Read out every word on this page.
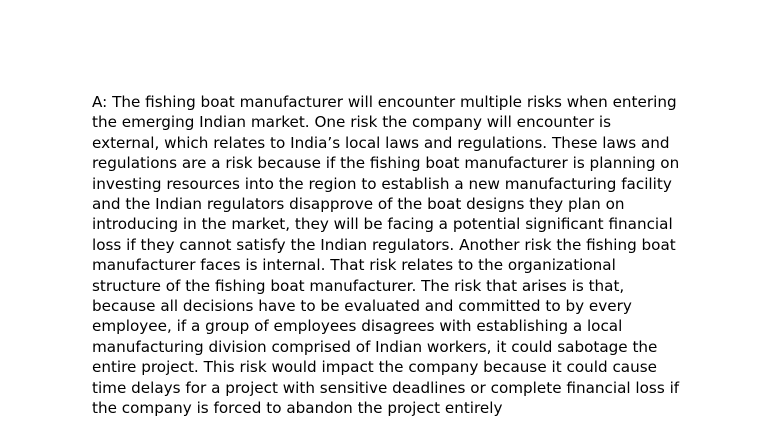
A: The fishing boat manufacturer will encounter multiple risks when entering
the emerging Indian market. One risk the company will encounter is
external, which relates to India’s local laws and regulations. These laws and
regulations are a risk because if the fishing boat manufacturer is planning on
investing resources into the region to establish a new manufacturing facility
and the Indian regulators disapprove of the boat designs they plan on
introducing in the market, they will be facing a potential significant financial
loss if they cannot satisfy the Indian regulators. Another risk the fishing boat
manufacturer faces is internal. That risk relates to the organizational
structure of the fishing boat manufacturer. The risk that arises is that,
because all decisions have to be evaluated and committed to by every
employee, if a group of employees disagrees with establishing a local
manufacturing division comprised of Indian workers, it could sabotage the
entire project. This risk would impact the company because it could cause
time delays for a project with sensitive deadlines or complete financial loss if
the company is forced to abandon the project entirely
